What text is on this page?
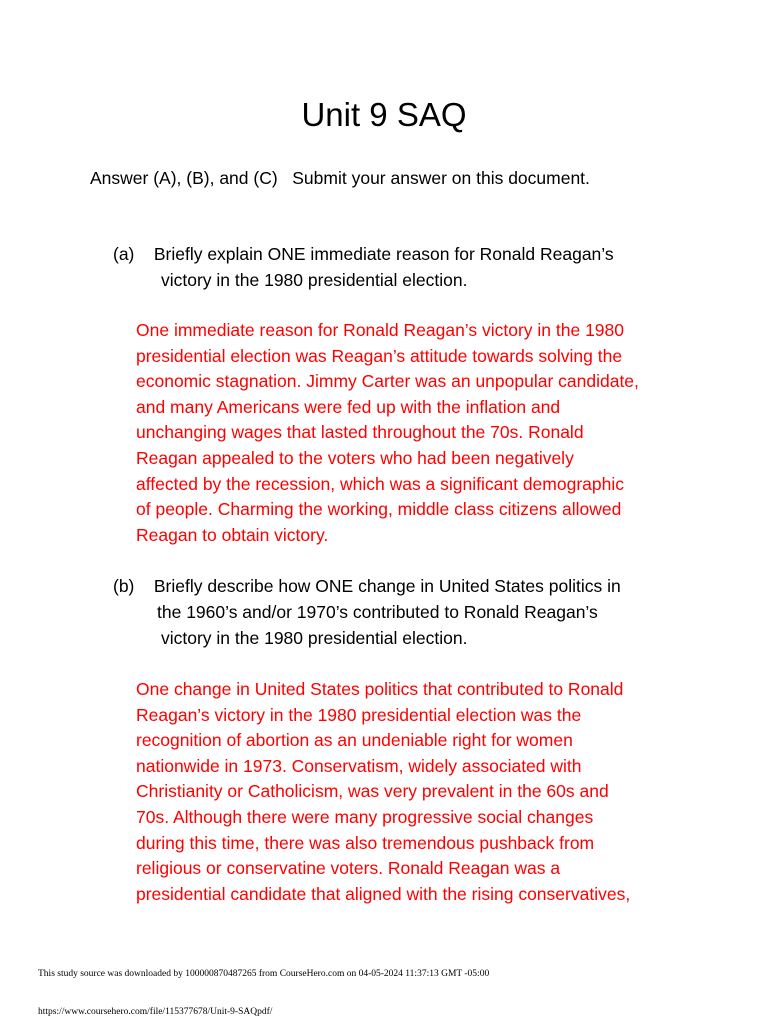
Unit 9 SAQ
Answer (A), (B), and (C)   Submit your answer on this document.
(a) Briefly explain ONE immediate reason for Ronald Reagan’s
victory in the 1980 presidential election.
One immediate reason for Ronald Reagan’s victory in the 1980
presidential election was Reagan’s attitude towards solving the
economic stagnation. Jimmy Carter was an unpopular candidate,
and many Americans were fed up with the inflation and
unchanging wages that lasted throughout the 70s. Ronald
Reagan appealed to the voters who had been negatively
affected by the recession, which was a significant demographic
of people. Charming the working, middle class citizens allowed
Reagan to obtain victory.
(b) Briefly describe how ONE change in United States politics in
the 1960’s and/or 1970’s contributed to Ronald Reagan’s
victory in the 1980 presidential election.
One change in United States politics that contributed to Ronald
Reagan’s victory in the 1980 presidential election was the
recognition of abortion as an undeniable right for women
nationwide in 1973. Conservatism, widely associated with
Christianity or Catholicism, was very prevalent in the 60s and
70s. Although there were many progressive social changes
during this time, there was also tremendous pushback from
religious or conservatine voters. Ronald Reagan was a
presidential candidate that aligned with the rising conservatives,
This study source was downloaded by 100000870487265 from CourseHero.com on 04-05-2024 11:37:13 GMT -05:00
https://www.coursehero.com/file/115377678/Unit-9-SAQpdf/
